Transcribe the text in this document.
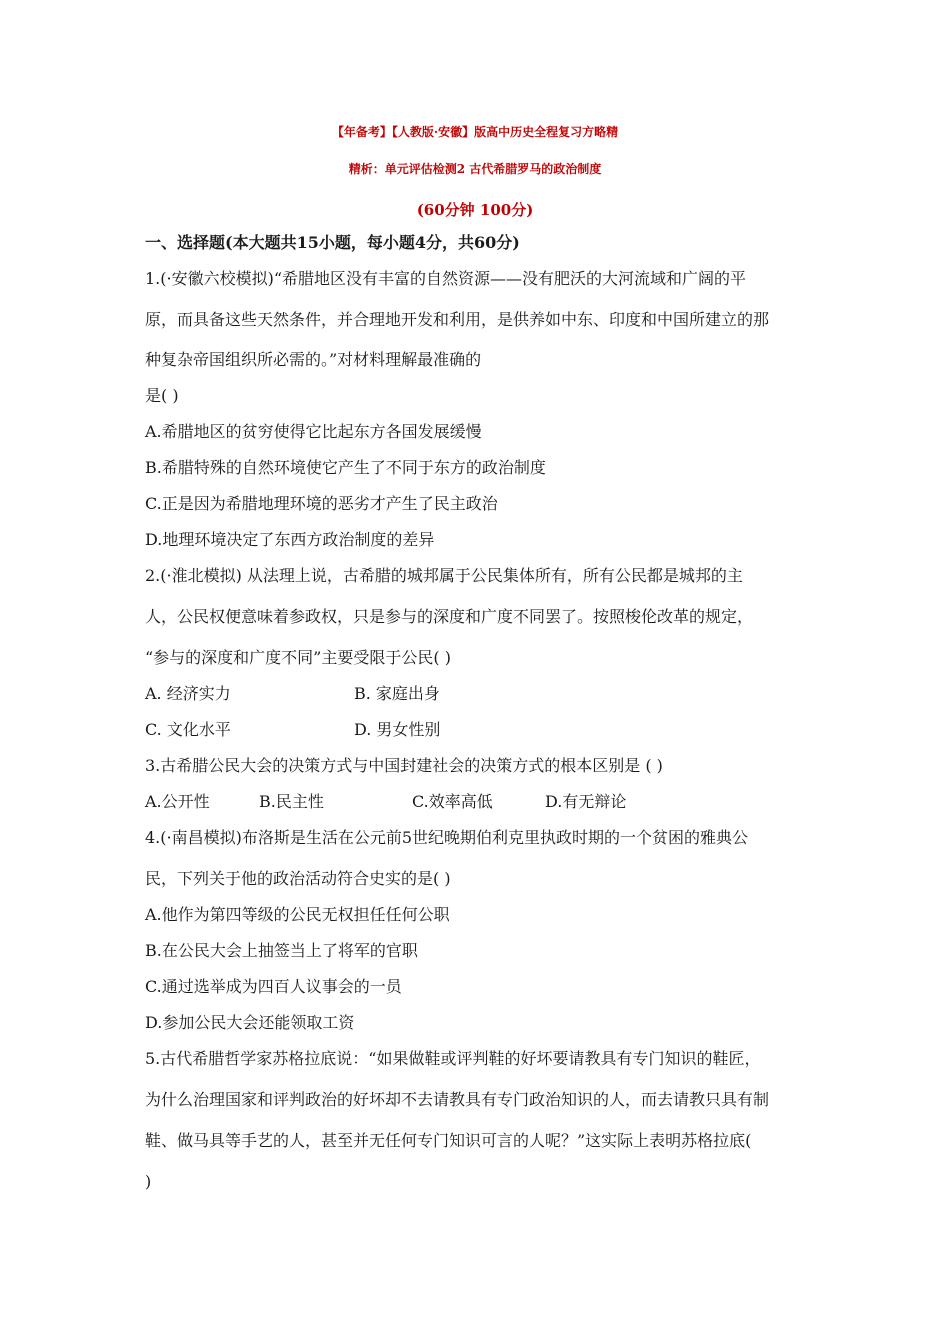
【年备考】【人教版·安徽】版高中历史全程复习方略精
精析：单元评估检测2 古代希腊罗马的政治制度
(60分钟 100分)
一、选择题(本大题共15小题，每小题4分，共60分)
1.(·安徽六校模拟)“希腊地区没有丰富的自然资源——没有肥沃的大河流域和广阔的平
原，而具备这些天然条件，并合理地开发和利用，是供养如中东、印度和中国所建立的那
种复杂帝国组织所必需的。”对材料理解最准确的
是( )
A.希腊地区的贫穷使得它比起东方各国发展缓慢
B.希腊特殊的自然环境使它产生了不同于东方的政治制度
C.正是因为希腊地理环境的恶劣才产生了民主政治
D.地理环境决定了东西方政治制度的差异
2.(·淮北模拟) 从法理上说，古希腊的城邦属于公民集体所有，所有公民都是城邦的主
人，公民权便意味着参政权，只是参与的深度和广度不同罢了。按照梭伦改革的规定，
“参与的深度和广度不同”主要受限于公民( )
A. 经济实力	B. 家庭出身
C. 文化水平	D. 男女性别
3.古希腊公民大会的决策方式与中国封建社会的决策方式的根本区别是 ( )
A.公开性	B.民主性	C.效率高低	D.有无辩论
4.(·南昌模拟)布洛斯是生活在公元前5世纪晚期伯利克里执政时期的一个贫困的雅典公
民，下列关于他的政治活动符合史实的是( )
A.他作为第四等级的公民无权担任任何公职
B.在公民大会上抽签当上了将军的官职
C.通过选举成为四百人议事会的一员
D.参加公民大会还能领取工资
5.古代希腊哲学家苏格拉底说：“如果做鞋或评判鞋的好坏要请教具有专门知识的鞋匠，
为什么治理国家和评判政治的好坏却不去请教具有专门政治知识的人，而去请教只具有制
鞋、做马具等手艺的人，甚至并无任何专门知识可言的人呢？”这实际上表明苏格拉底(
)
